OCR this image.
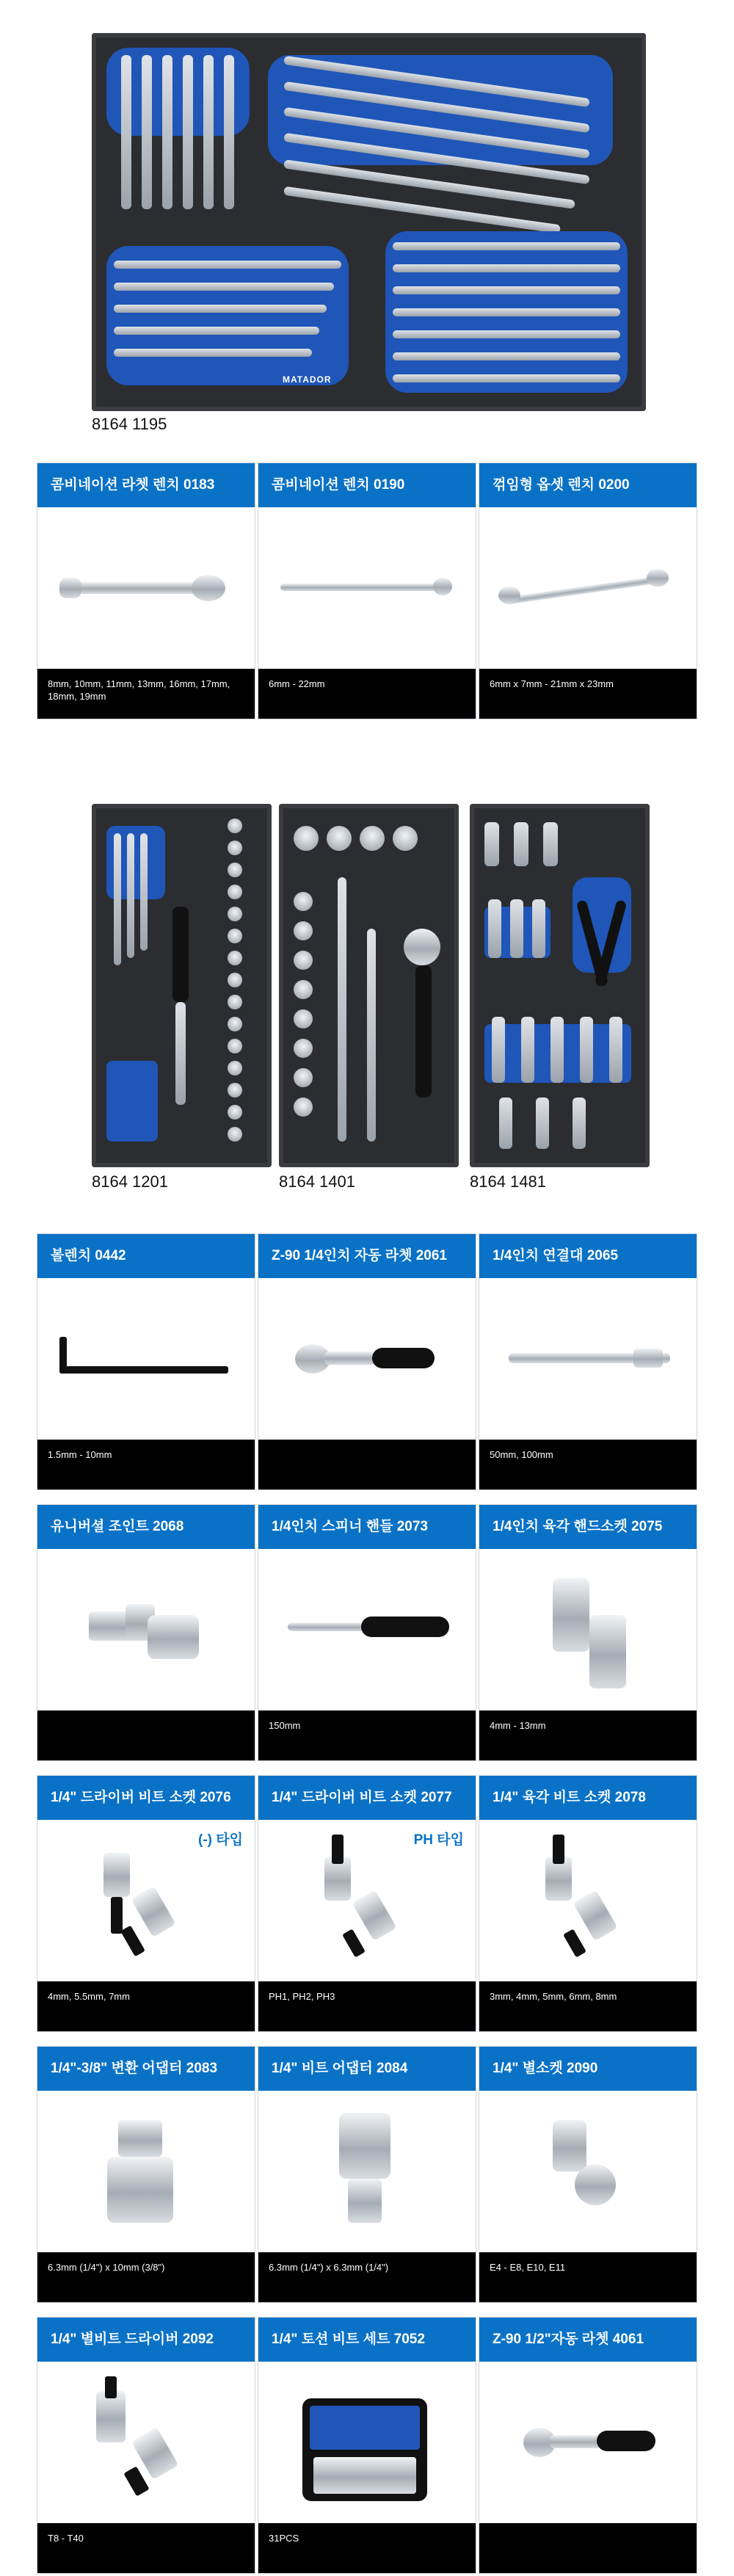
MATADOR
8164 1195
콤비네이션 라쳇 렌치 0183
8mm, 10mm, 11mm, 13mm, 16mm, 17mm, 18mm, 19mm
콤비네이션 렌치 0190
6mm - 22mm
꺾임형 옵셋 렌치 0200
6mm x 7mm - 21mm x 23mm
8164 1201	8164 1401	8164 1481
볼렌치 0442
1.5mm - 10mm
Z-90 1/4인치 자동 라쳇 2061	1/4인치 연결대 2065
50mm, 100mm
유니버셜 조인트 2068	1/4인치 스피너 핸들 2073
150mm
1/4인치 육각 핸드소켓 2075
4mm - 13mm
1/4" 드라이버 비트 소켓 2076
(-) 타입
4mm, 5.5mm, 7mm
1/4" 드라이버 비트 소켓 2077
PH 타입
PH1, PH2, PH3
1/4" 육각 비트 소켓 2078
3mm, 4mm, 5mm, 6mm, 8mm
1/4"-3/8" 변환 어댑터 2083
6.3mm (1/4") x 10mm (3/8")
1/4" 비트 어댑터 2084
6.3mm (1/4") x 6.3mm (1/4")
1/4" 별소켓 2090
E4 - E8, E10, E11
1/4" 별비트 드라이버 2092
T8 - T40
1/4" 토션 비트 세트 7052
31PCS
Z-90 1/2"자동 라쳇 4061
